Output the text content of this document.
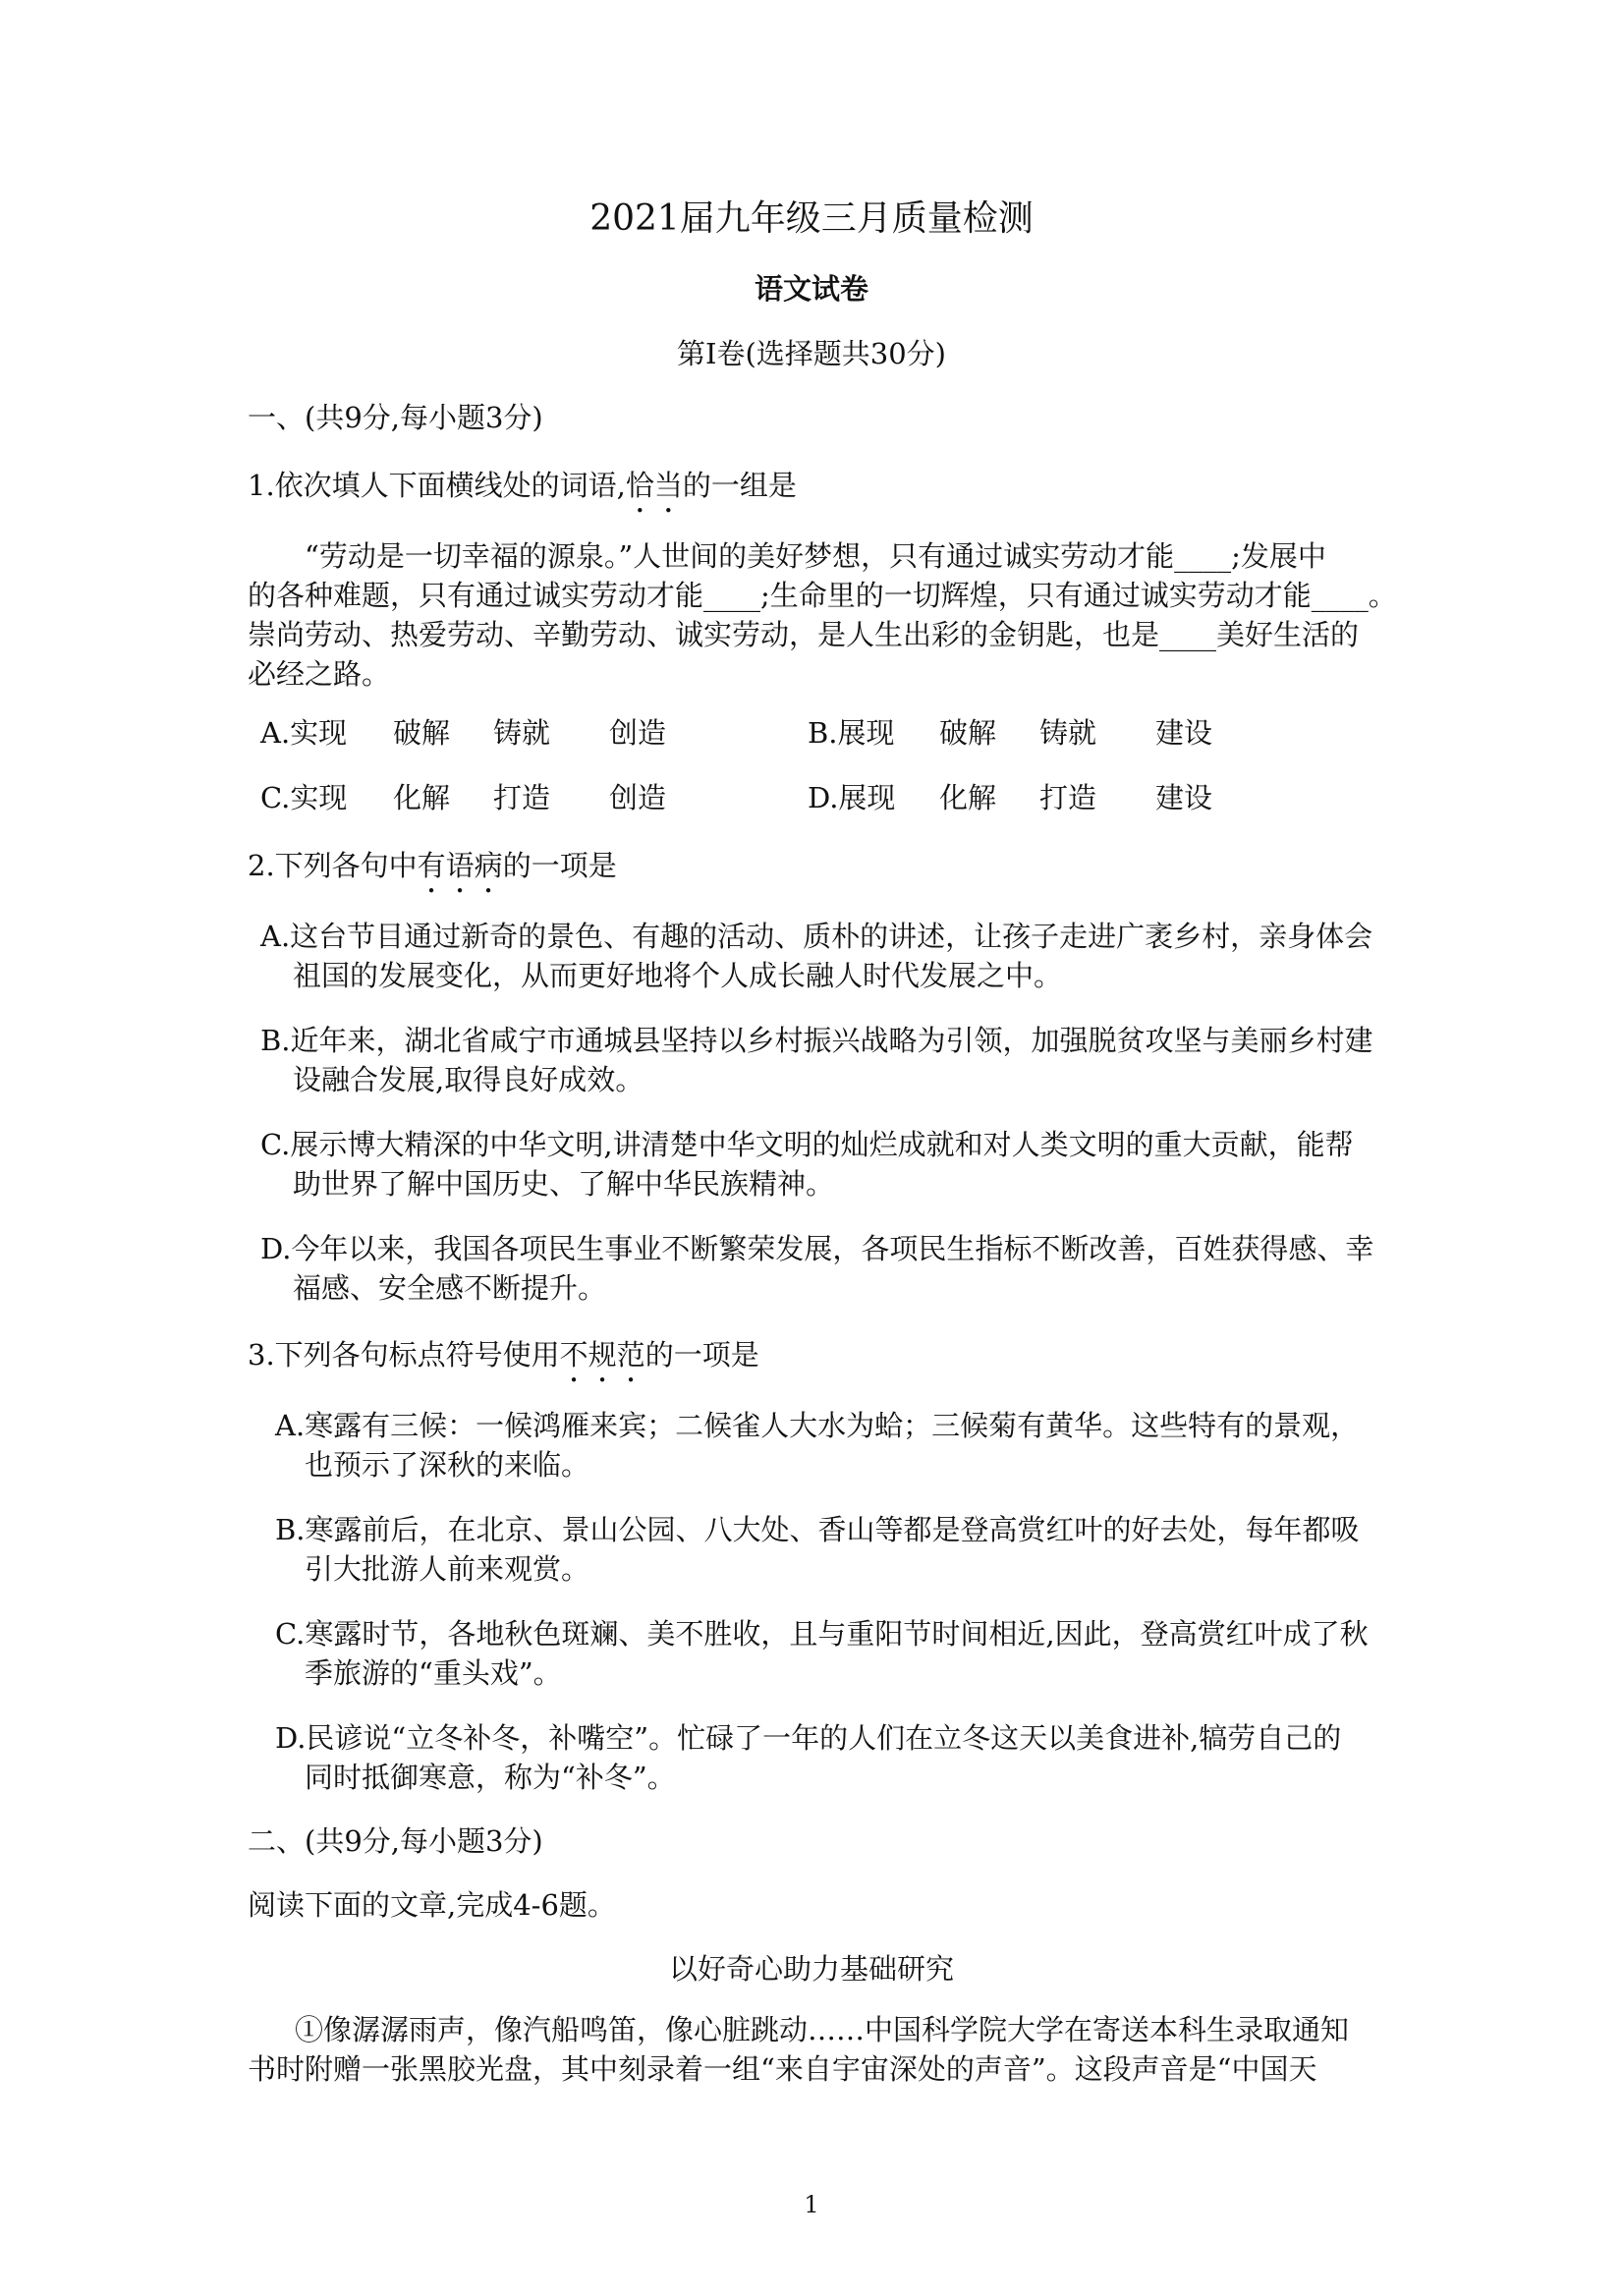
2021届九年级三月质量检测
语文试卷
第Ⅰ卷(选择题共30分)
一、(共9分,每小题3分)
1.依次填人下面横线处的词语,恰当的一组是
“劳动是一切幸福的源泉。”人世间的美好梦想，只有通过诚实劳动才能____;发展中
的各种难题，只有通过诚实劳动才能____;生命里的一切辉煌，只有通过诚实劳动才能____。
崇尚劳动、热爱劳动、辛勤劳动、诚实劳动，是人生出彩的金钥匙，也是____美好生活的
必经之路。
A.实现 破解 铸就 创造	B.展现 破解 铸就 建设
C.实现 化解 打造 创造	D.展现 化解 打造 建设
2.下列各句中有语病的一项是
A.这台节目通过新奇的景色、有趣的活动、质朴的讲述，让孩子走进广袤乡村，亲身体会
祖国的发展变化，从而更好地将个人成长融人时代发展之中。
B.近年来，湖北省咸宁市通城县坚持以乡村振兴战略为引领，加强脱贫攻坚与美丽乡村建
设融合发展,取得良好成效。
C.展示博大精深的中华文明,讲清楚中华文明的灿烂成就和对人类文明的重大贡献，能帮
助世界了解中国历史、了解中华民族精神。
D.今年以来，我国各项民生事业不断繁荣发展，各项民生指标不断改善，百姓获得感、幸
福感、安全感不断提升。
3.下列各句标点符号使用不规范的一项是
A.寒露有三候：一候鸿雁来宾；二候雀人大水为蛤；三候菊有黄华。这些特有的景观，
也预示了深秋的来临。
B.寒露前后，在北京、景山公园、八大处、香山等都是登高赏红叶的好去处，每年都吸
引大批游人前来观赏。
C.寒露时节，各地秋色斑斓、美不胜收，且与重阳节时间相近,因此，登高赏红叶成了秋
季旅游的“重头戏”。
D.民谚说“立冬补冬，补嘴空”。忙碌了一年的人们在立冬这天以美食进补,犒劳自己的
同时抵御寒意，称为“补冬”。
二、(共9分,每小题3分)
阅读下面的文章,完成4-6题。
以好奇心助力基础研究
①像潺潺雨声，像汽船鸣笛，像心脏跳动……中国科学院大学在寄送本科生录取通知
书时附赠一张黑胶光盘，其中刻录着一组“来自宇宙深处的声音”。这段声音是“中国天
1
